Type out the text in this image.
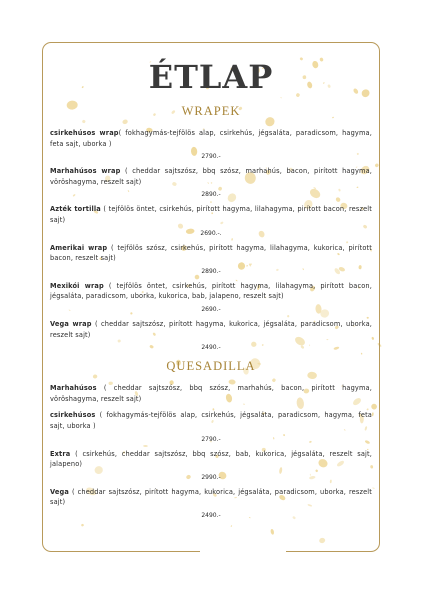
ÉTLAP
WRAPEK
csirkehúsos wrap( fokhagymás-tejfölös alap, csirkehús, jégsaláta, paradicsom, hagyma, feta sajt, uborka )
2790.-
Marhahúsos wrap ( cheddar sajtszósz, bbq szósz, marhahús, bacon, pirított hagyma, vöröshagyma, reszelt sajt)
2890.-
Azték tortilla ( tejfölös öntet, csirkehús, pirított hagyma, lilahagyma, pirított bacon, reszelt sajt)
2690.-.
Amerikai wrap ( tejfölös szósz, csirkehús, pirított hagyma, lilahagyma, kukorica, pirított bacon, reszelt sajt)
2890.-
Mexikói wrap ( tejfölös öntet, csirkehús, pirított hagyma, lilahagyma, pirított bacon, jégsaláta, paradicsom, uborka, kukorica, bab, jalapeno, reszelt sajt)
2690.-
Vega wrap ( cheddar sajtszósz, pirított hagyma, kukorica, jégsaláta, paradicsom, uborka, reszelt sajt)
2490.-
QUESADILLA
Marhahúsos ( cheddar sajtszósz, bbq szósz, marhahús, bacon, pirított hagyma, vöröshagyma, reszelt sajt)
csirkehúsos ( fokhagymás-tejfölös alap, csirkehús, jégsaláta, paradicsom, hagyma, feta sajt, uborka )
2790.-
Extra ( csirkehús, cheddar sajtszósz, bbq szósz, bab, kukorica, jégsaláta, reszelt sajt, jalapeno)
2990.-
Vega ( cheddar sajtszósz, pirított hagyma, kukorica, jégsaláta, paradicsom, uborka, reszelt sajt)
2490.-
